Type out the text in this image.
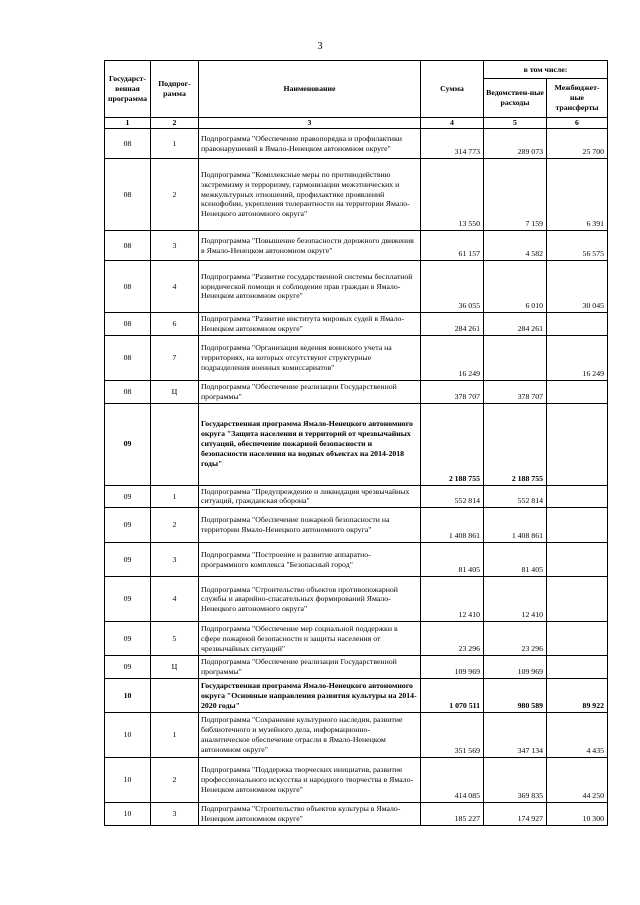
3
Государст-венная программа	Подпрог-рамма	Наименование	Сумма	в том числе:	
				Ведомствен-ные расходы	Межбюджет-ные трансферты
1	2	3	4	5	6
08	1	Подпрограмма "Обеспечение правопорядка и профилактики правонарушений в Ямало-Ненецком автономном округе"	314 773	289 073	25 700
08	2	Подпрограмма "Комплексные меры по противодействию экстремизму и терроризму, гармонизации межэтнических и межкультурных отношений, профилактике проявлений ксенофобии, укрепления толерантности на территории Ямало-Ненецкого автономного округа"	13 550	7 159	6 391
08	3	Подпрограмма "Повышение безопасности дорожного движения в Ямало-Ненецком автономном округе"	61 157	4 582	56 575
08	4	Подпрограмма "Развитие государственной системы бесплатной юридической помощи и соблюдение прав граждан в Ямало-Ненецком автономном округе"	36 055	6 010	30 045
08	6	Подпрограмма "Развитие института мировых судей в Ямало-Ненецком автономном округе"	284 261	284 261	
08	7	Подпрограмма "Организация ведения воинского учета на территориях, на которых отсутствуют структурные подразделения военных комиссариатов"	16 249		16 249
08	Ц	Подпрограмма "Обеспечение реализации Государственной программы"	378 707	378 707	
09		Государственная программа Ямало-Ненецкого автономного округа "Защита населения и территорий от чрезвычайных ситуаций, обеспечение пожарной безопасности и безопасности населения на водных объектах на 2014-2018 годы"	2 188 755	2 188 755	
09	1	Подпрограмма "Предупреждение и ликвидация чрезвычайных ситуаций, гражданская оборона"	552 814	552 814	
09	2	Подпрограмма "Обеспечение пожарной безопасности на территории Ямало-Ненецкого автономного округа"	1 408 861	1 408 861	
09	3	Подпрограмма "Построение и развитие аппаратно-программного комплекса "Безопасный город"	81 405	81 405	
09	4	Подпрограмма "Строительство объектов противопожарной службы и аварийно-спасательных формирований Ямало-Ненецкого автономного округа"	12 410	12 410	
09	5	Подпрограмма "Обеспечение мер социальной поддержки в сфере пожарной безопасности и защиты населения от чрезвычайных ситуаций"	23 296	23 296	
09	Ц	Подпрограмма "Обеспечение реализации Государственной программы"	109 969	109 969	
10		Государственная программа Ямало-Ненецкого автономного округа "Основные направления развития культуры на 2014-2020 годы"	1 070 511	980 589	89 922
10	1	Подпрограмма "Сохранение культурного наследия, развитие библиотечного и музейного дела, информационно-аналитическое обеспечение отрасли в Ямало-Ненецком автономном округе"	351 569	347 134	4 435
10	2	Подпрограмма "Поддержка творческих инициатив, развитие профессионального искусства и народного творчества в Ямало-Ненецком автономном округе"	414 085	369 835	44 250
10	3	Подпрограмма "Строительство объектов культуры в Ямало-Ненецком автономном округе"	185 227	174 927	10 300
